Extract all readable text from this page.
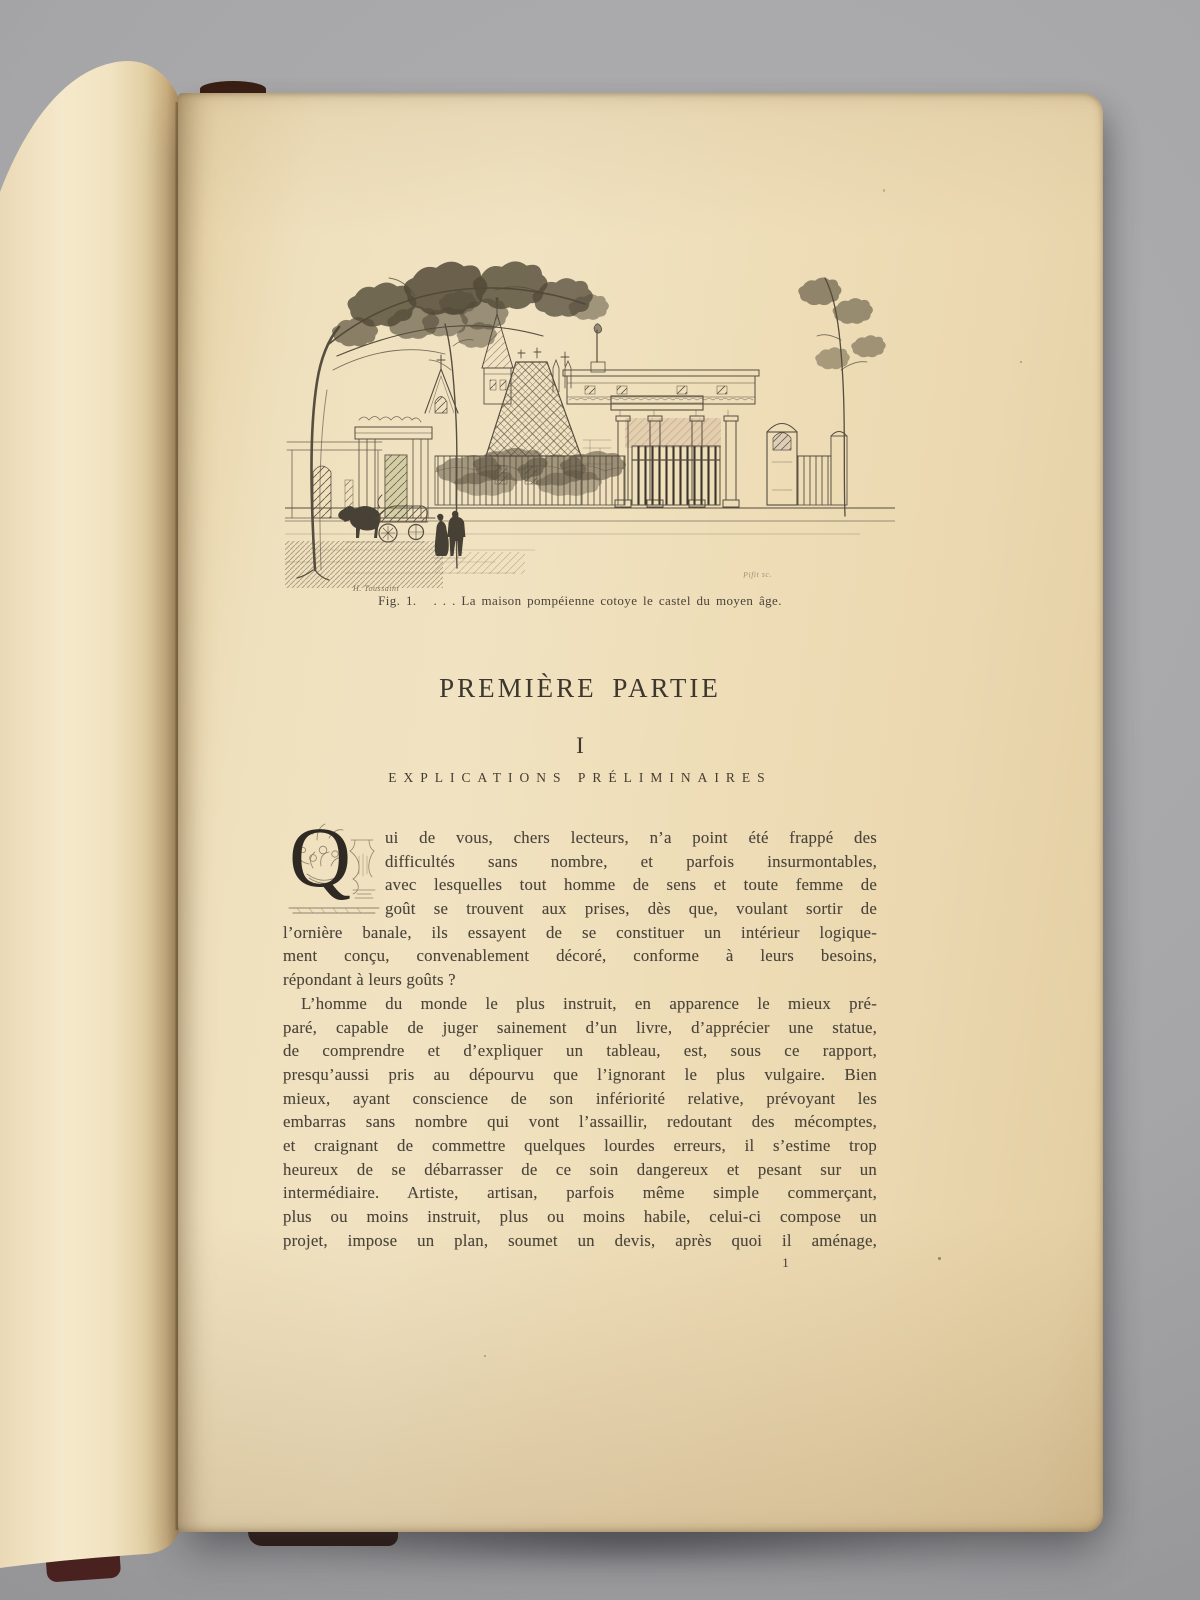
H. Toussaint
Pifit sc.
Fig. 1. . . . La maison pompéienne cotoye le castel du moyen âge.
PREMIÈRE PARTIE
I
EXPLICATIONS PRÉLIMINAIRES
Q	ui de vous, chers lecteurs, n’a point été frappé des
difficultés sans nombre, et parfois insurmontables,
avec lesquelles tout homme de sens et toute femme de
goût se trouvent aux prises, dès que, voulant sortir de
l’ornière banale, ils essayent de se constituer un intérieur logique-
ment conçu, convenablement décoré, conforme à leurs besoins,
répondant à leurs goûts ?
L’homme du monde le plus instruit, en apparence le mieux pré-
paré, capable de juger sainement d’un livre, d’apprécier une statue,
de comprendre et d’expliquer un tableau, est, sous ce rapport,
presqu’aussi pris au dépourvu que l’ignorant le plus vulgaire. Bien
mieux, ayant conscience de son infériorité relative, prévoyant les
embarras sans nombre qui vont l’assaillir, redoutant des mécomptes,
et craignant de commettre quelques lourdes erreurs, il s’estime trop
heureux de se débarrasser de ce soin dangereux et pesant sur un
intermédiaire. Artiste, artisan, parfois même simple commerçant,
plus ou moins instruit, plus ou moins habile, celui-ci compose un
projet, impose un plan, soumet un devis, après quoi il aménage,
1
